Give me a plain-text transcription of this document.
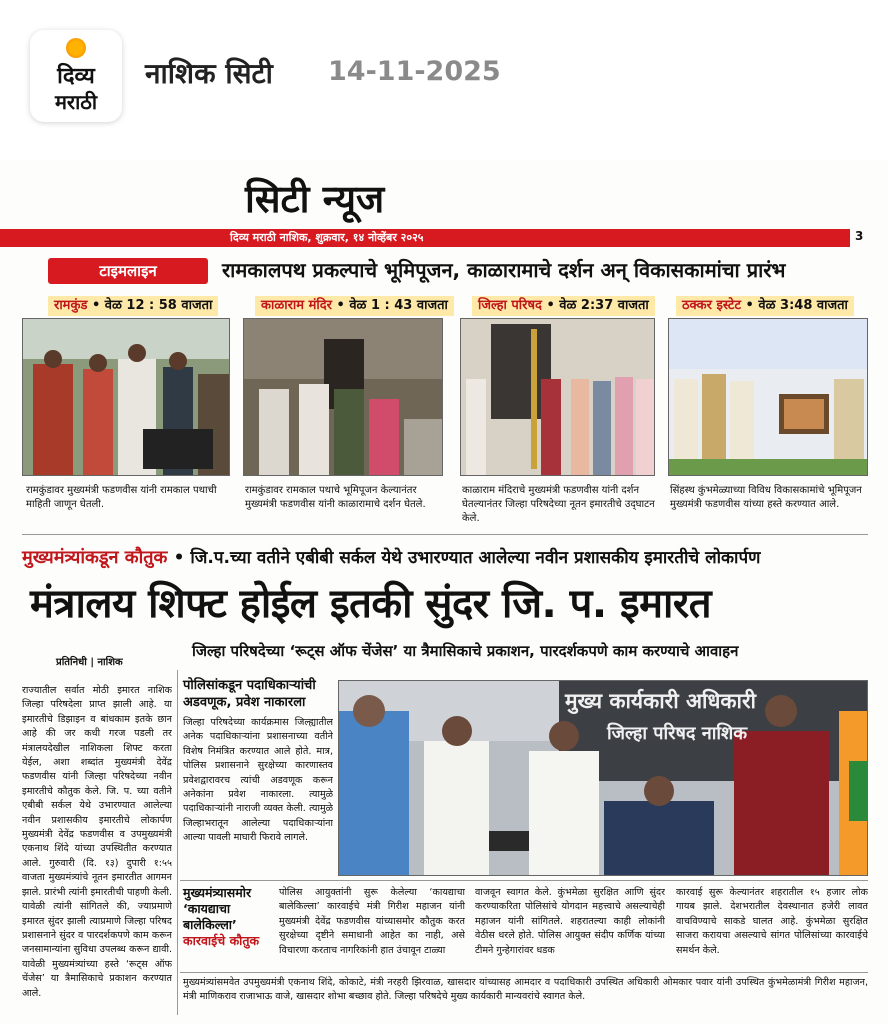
दिव्य
मराठी
नाशिक सिटी 14-11-2025
सिटी न्यूज
दिव्य मराठी नाशिक, शुक्रवार, १४ नोव्हेंबर २०२५	3
टाइमलाइन	रामकालपथ प्रकल्पाचे भूमिपूजन, काळारामाचे दर्शन अन् विकासकामांचा प्रारंभ
रामकुंड • वेळ 12 : 58 वाजता
रामकुंडावर मुख्यमंत्री फडणवीस यांनी रामकाल पथाची माहिती जाणून घेतली.
काळाराम मंदिर • वेळ 1 : 43 वाजता
रामकुंडावर रामकाल पथाचे भूमिपूजन केल्यानंतर मुख्यमंत्री फडणवीस यांनी काळारामाचे दर्शन घेतले.
जिल्हा परिषद • वेळ 2:37 वाजता
काळाराम मंदिराचे मुख्यमंत्री फडणवीस यांनी दर्शन घेतल्यानंतर जिल्हा परिषदेच्या नूतन इमारतीचे उद्‌घाटन केले.
ठक्कर इस्टेट • वेळ 3:48 वाजता
सिंहस्थ कुंभमेळ्याच्या विविध विकासकामांचे भूमिपूजन मुख्यमंत्री फडणवीस यांच्या हस्ते करण्यात आले.
मुख्यमंत्र्यांकडून कौतुक • जि.प.च्या वतीने एबीबी सर्कल येथे उभारण्यात आलेल्या नवीन प्रशासकीय इमारतीचे लोकार्पण
मंत्रालय शिफ्ट होईल इतकी सुंदर जि. प. इमारत
जिल्हा परिषदेच्या ‘रूट्स ऑफ चेंजेस’ या त्रैमासिकाचे प्रकाशन, पारदर्शकपणे काम करण्याचे आवाहन
प्रतिनिधी | नाशिक
राज्यातील सर्वात मोठी इमारत नाशिक जिल्हा परिषदेला प्राप्त झाली आहे. या इमारतीचे डिझाइन व बांधकाम इतके छान आहे की जर कधी गरज पडली तर मंत्रालयदेखील नाशिकला शिफ्ट करता येईल, अशा शब्दांत मुख्यमंत्री देवेंद्र फडणवीस यांनी जिल्हा परिषदेच्या नवीन इमारतीचे कौतुक केले. जि. प. च्या वतीने एबीबी सर्कल येथे उभारण्यात आलेल्या नवीन प्रशासकीय इमारतीचे लोकार्पण मुख्यमंत्री देवेंद्र फडणवीस व उपमुख्यमंत्री एकनाथ शिंदे यांच्या उपस्थितीत करण्यात आले. गुरुवारी (दि. १३) दुपारी १:५५ वाजता मुख्यमंत्र्यांचे नूतन इमारतीत आगमन झाले. प्रारंभी त्यांनी इमारतीची पाहणी केली. यावेळी त्यांनी सांगितले की, ज्याप्रमाणे इमारत सुंदर झाली त्याप्रमाणे जिल्हा परिषद प्रशासनाने सुंदर व पारदर्शकपणे काम करून जनसामान्यांना सुविधा उपलब्ध करून द्यावी. यावेळी मुख्यमंत्र्यांच्या हस्ते ‘रूट्स ऑफ चेंजेस’ या त्रैमासिकाचे प्रकाशन करण्यात आले.
पोलिसांकडून पदाधिकाऱ्यांची अडवणूक, प्रवेश नाकारला
जिल्हा परिषदेच्या कार्यक्रमास जिल्ह्यातील अनेक पदाधिकाऱ्यांना प्रशासनाच्या वतीने विशेष निमंत्रित करण्यात आले होते. मात्र, पोलिस प्रशासनाने सुरक्षेच्या कारणास्तव प्रवेशद्वारावरच त्यांची अडवणूक करून अनेकांना प्रवेश नाकारला. त्यामुळे पदाधिकाऱ्यांनी नाराजी व्यक्त केली. त्यामुळे जिल्हाभरातून आलेल्या पदाधिकाऱ्यांना आल्या पावली माघारी फिरावे लागले.
मुख्य कार्यकारी अधिकारी
जिल्हा परिषद नाशिक
मुख्यमंत्र्यासमोर
‘कायद्याचा बालेकिल्ला’
कारवाईचे कौतुक
पोलिस आयुक्तांनी सुरू केलेल्या ‘कायद्याचा बालेकिल्ला’ कारवाईचे मंत्री गिरीश महाजन यांनी मुख्यमंत्री देवेंद्र फडणवीस यांच्यासमोर कौतुक करत सुरक्षेच्या दृष्टीने समाधानी आहेत का नाही, असे विचारणा करताच नागरिकांनी हात उंचावून टाळ्या
वाजवून स्वागत केले. कुंभमेळा सुरक्षित आणि सुंदर करण्याकरिता पोलिसांचे योगदान महत्त्वाचे असल्याचेही महाजन यांनी सांगितले. शहरातल्या काही लोकांनी वेठीस धरले होते. पोलिस आयुक्त संदीप कर्णिक यांच्या टीमने गुन्हेगारांवर धडक
कारवाई सुरू केल्यानंतर शहरातील १५ हजार लोक गायब झाले. देशभरातील देवस्थानात हजेरी लावत वाचविण्याचे साकडे घालत आहे. कुंभमेळा सुरक्षित साजरा करायचा असल्याचे सांगत पोलिसांच्या कारवाईचे समर्थन केले.
मुख्यमंत्र्यांसमवेत उपमुख्यमंत्री एकनाथ शिंदे, कोकाटे, मंत्री नरहरी झिरवाळ, खासदार यांच्यासह आमदार व पदाधिकारी उपस्थित अधिकारी ओमकार पवार यांनी उपस्थित कुंभमेळामंत्री गिरीश महाजन, मंत्री माणिकराव राजाभाऊ वाजे, खासदार शोभा बच्छाव होते. जिल्हा परिषदेचे मुख्य कार्यकारी मान्यवरांचे स्वागत केले.
